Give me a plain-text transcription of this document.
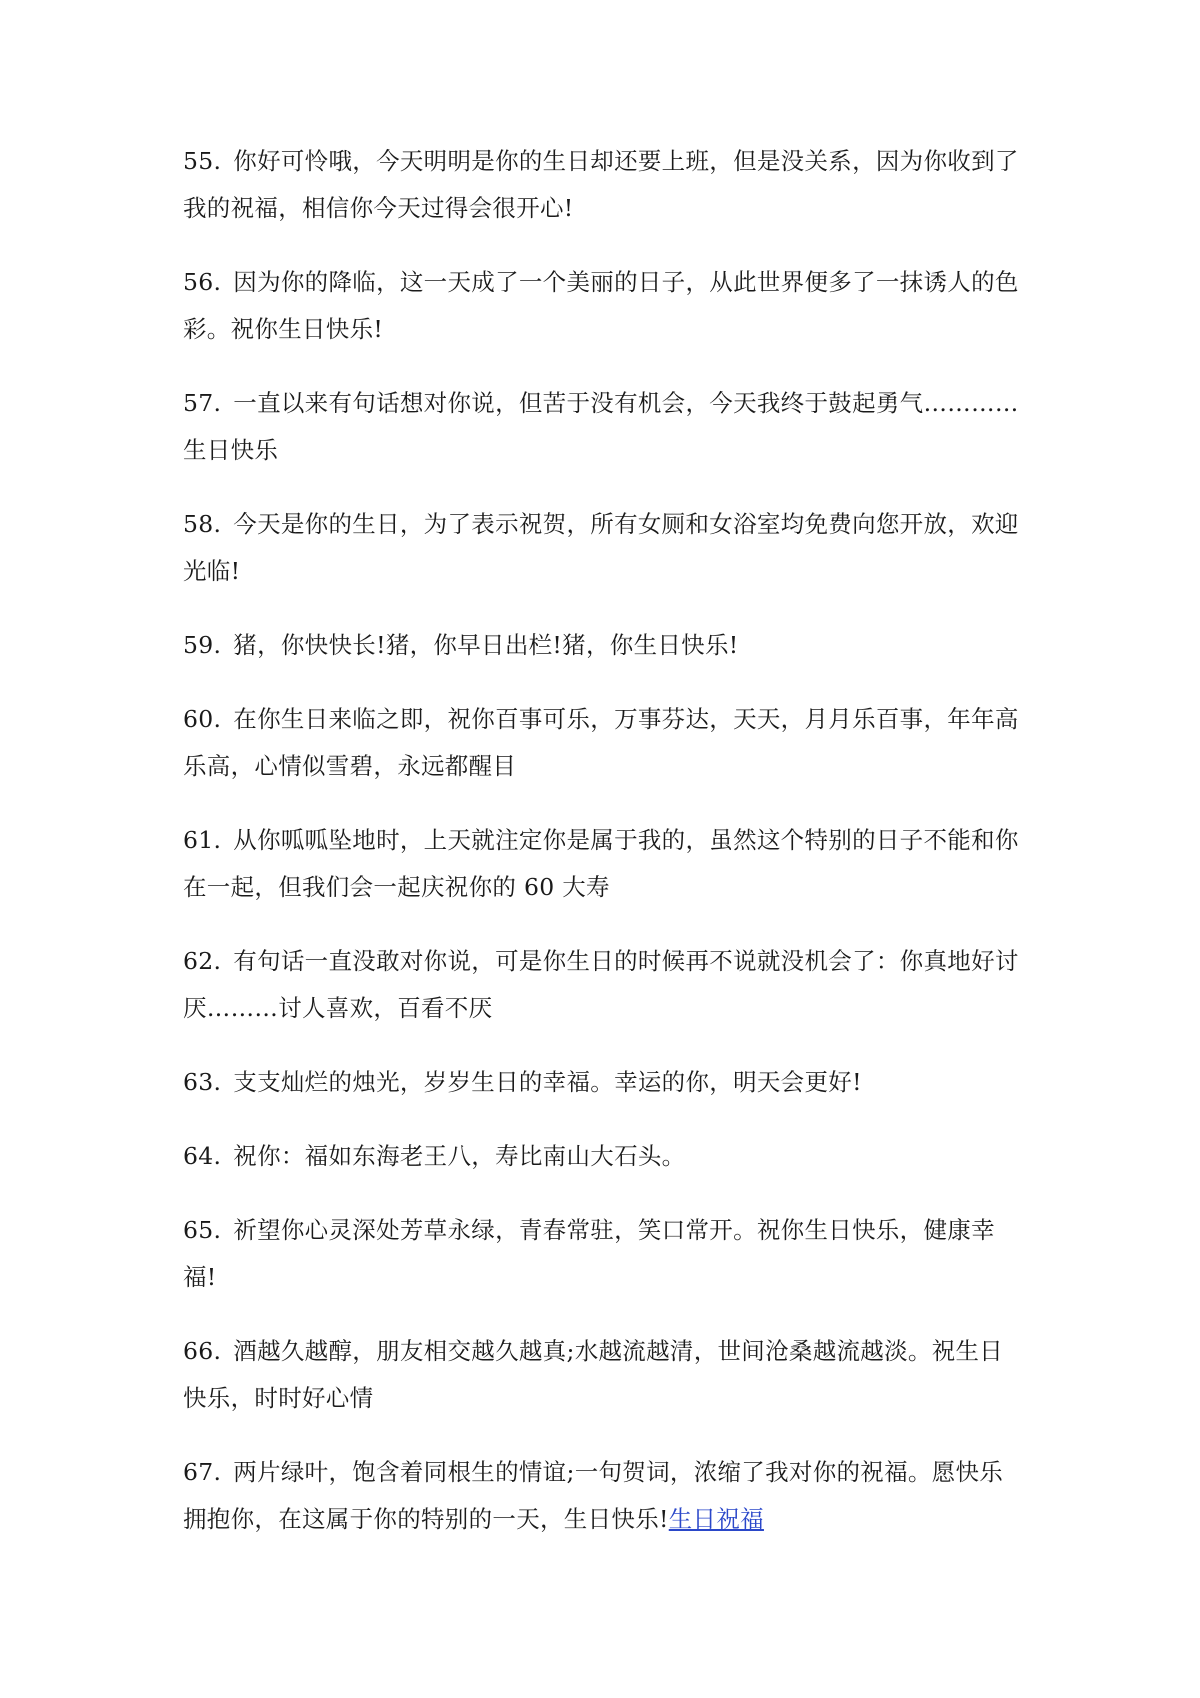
55. 你好可怜哦，今天明明是你的生日却还要上班，但是没关系，因为你收到了我的祝福，相信你今天过得会很开心!
56. 因为你的降临，这一天成了一个美丽的日子，从此世界便多了一抹诱人的色彩。祝你生日快乐!
57. 一直以来有句话想对你说，但苦于没有机会，今天我终于鼓起勇气…………生日快乐
58. 今天是你的生日，为了表示祝贺，所有女厕和女浴室均免费向您开放，欢迎光临!
59. 猪，你快快长!猪，你早日出栏!猪，你生日快乐!
60. 在你生日来临之即，祝你百事可乐，万事芬达，天天，月月乐百事，年年高乐高，心情似雪碧，永远都醒目
61. 从你呱呱坠地时，上天就注定你是属于我的，虽然这个特别的日子不能和你在一起，但我们会一起庆祝你的 60 大寿
62. 有句话一直没敢对你说，可是你生日的时候再不说就没机会了：你真地好讨厌………讨人喜欢，百看不厌
63. 支支灿烂的烛光，岁岁生日的幸福。幸运的你，明天会更好!
64. 祝你：福如东海老王八，寿比南山大石头。
65. 祈望你心灵深处芳草永绿，青春常驻，笑口常开。祝你生日快乐，健康幸福!
66. 酒越久越醇，朋友相交越久越真;水越流越清，世间沧桑越流越淡。祝生日快乐，时时好心情
67. 两片绿叶，饱含着同根生的情谊;一句贺词，浓缩了我对你的祝福。愿快乐拥抱你，在这属于你的特别的一天，生日快乐!生日祝福
